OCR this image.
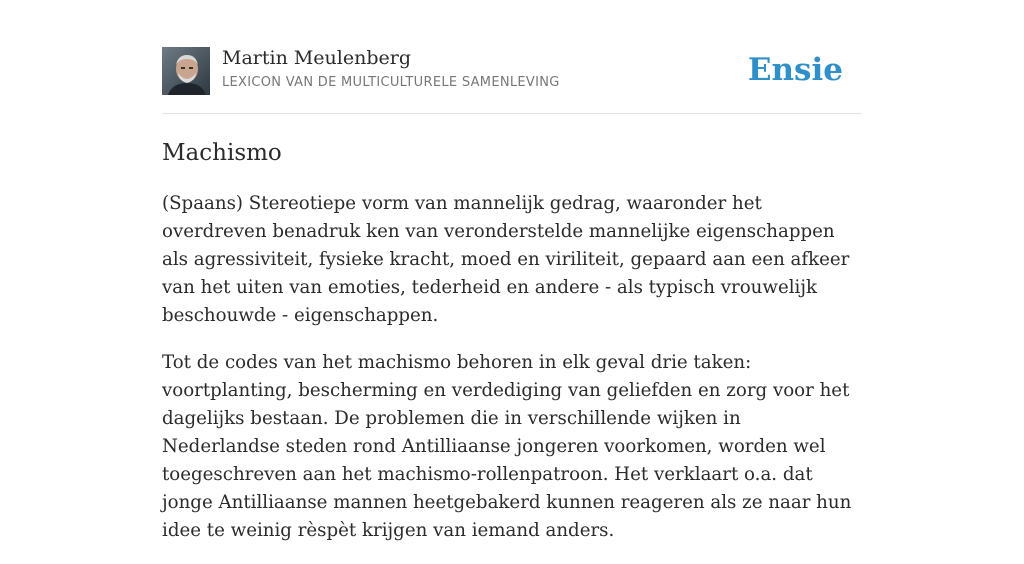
Martin Meulenberg
LEXICON VAN DE MULTICULTURELE SAMENLEVING	Ensie
Machismo

(Spaans) Stereotiepe vorm van mannelijk gedrag, waaronder het overdreven benadruk ken van veronderstelde mannelijke eigenschappen als agressiviteit, fysieke kracht, moed en viriliteit, gepaard aan een afkeer van het uiten van emoties, tederheid en andere - als typisch vrouwelijk beschouwde - eigenschappen.

Tot de codes van het machismo behoren in elk geval drie taken: voortplanting, bescherming en verdediging van geliefden en zorg voor het dagelijks bestaan. De problemen die in verschillende wijken in Nederlandse steden rond Antilliaanse jongeren voorkomen, worden wel toegeschreven aan het machismo-rollenpatroon. Het verklaart o.a. dat jonge Antilliaanse mannen heetgebakerd kunnen reageren als ze naar hun idee te weinig rèspèt krijgen van iemand anders.
